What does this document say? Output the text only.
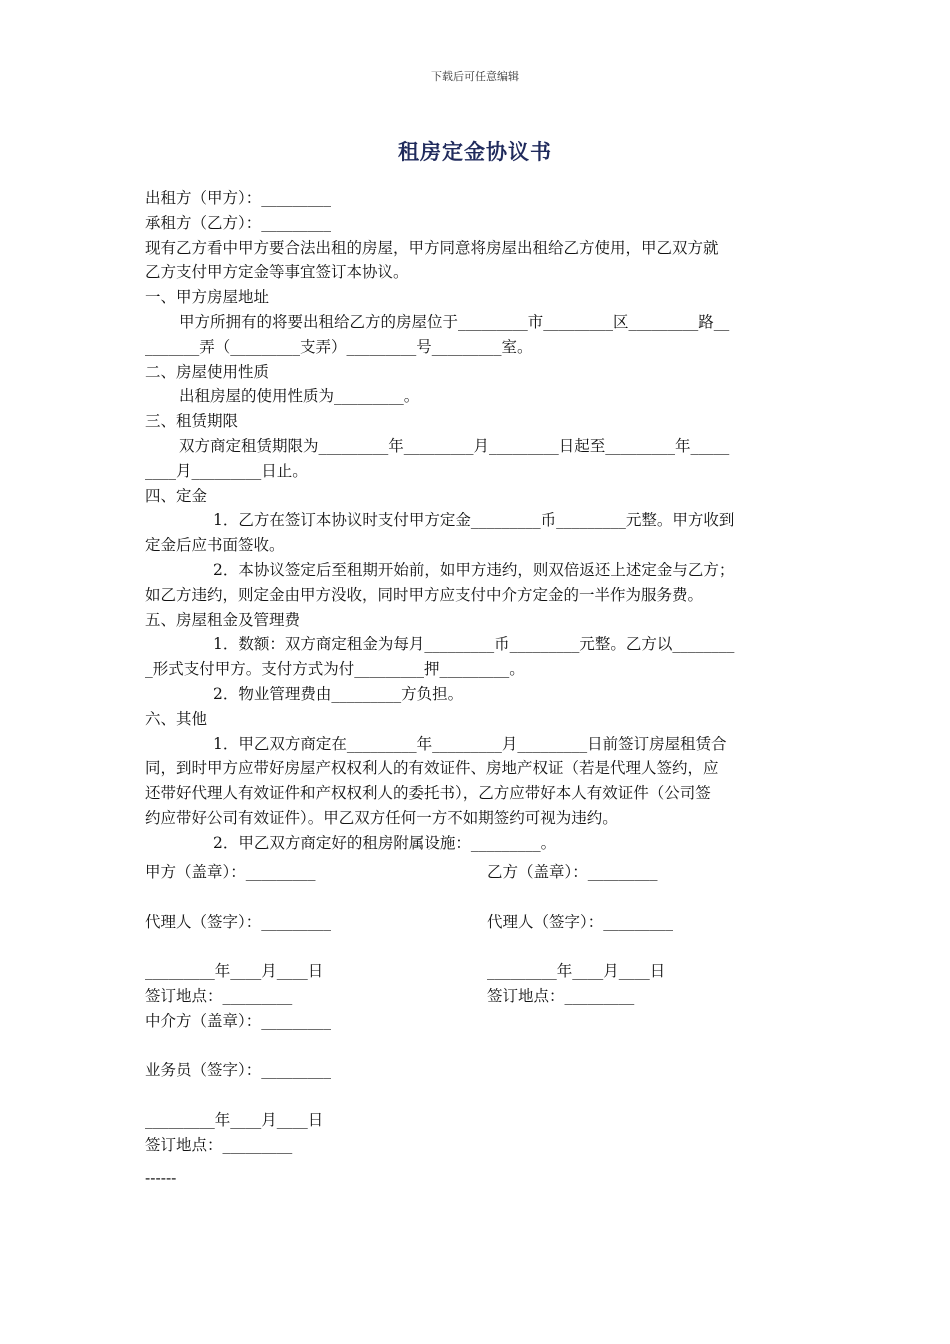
下载后可任意编辑
租房定金协议书
出租方（甲方）：_________
承租方（乙方）：_________
现有乙方看中甲方要合法出租的房屋，甲方同意将房屋出租给乙方使用，甲乙双方就
乙方支付甲方定金等事宜签订本协议。
一、甲方房屋地址
甲方所拥有的将要出租给乙方的房屋位于_________市_________区_________路__
_______弄（_________支弄）_________号_________室。
二、房屋使用性质
出租房屋的使用性质为_________。
三、租赁期限
双方商定租赁期限为_________年_________月_________日起至_________年_____
____月_________日止。
四、定金
1．乙方在签订本协议时支付甲方定金_________币_________元整。甲方收到
定金后应书面签收。
2．本协议签定后至租期开始前，如甲方违约，则双倍返还上述定金与乙方；
如乙方违约，则定金由甲方没收，同时甲方应支付中介方定金的一半作为服务费。
五、房屋租金及管理费
1．数额：双方商定租金为每月_________币_________元整。乙方以________
_形式支付甲方。支付方式为付_________押_________。
2．物业管理费由_________方负担。
六、其他
1．甲乙双方商定在_________年_________月_________日前签订房屋租赁合
同，到时甲方应带好房屋产权权利人的有效证件、房地产权证（若是代理人签约，应
还带好代理人有效证件和产权权利人的委托书），乙方应带好本人有效证件（公司签
约应带好公司有效证件）。甲乙双方任何一方不如期签约可视为违约。
2．甲乙双方商定好的租房附属设施：_________。
甲方（盖章）：_________	乙方（盖章）：_________
代理人（签字）：_________	代理人（签字）：_________
_________年____月____日	_________年____月____日
签订地点：_________	签订地点：_________
中介方（盖章）：_________
业务员（签字）：_________
_________年____月____日
签订地点：_________
------
